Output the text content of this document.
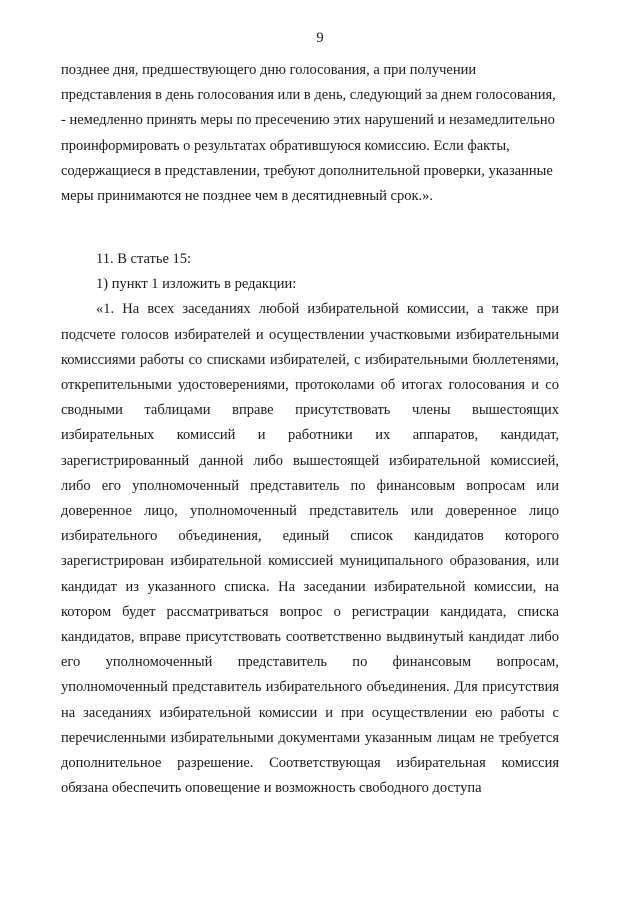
9

позднее дня, предшествующего дню голосования, а при получении представления в день голосования или в день, следующий за днем голосования, - немедленно принять меры по пресечению этих нарушений и незамедлительно проинформировать о результатах обратившуюся комиссию. Если факты, содержащиеся в представлении, требуют дополнительной проверки, указанные меры принимаются не позднее чем в десятидневный срок.».

11. В статье 15:

1) пункт 1 изложить в редакции:

«1. На всех заседаниях любой избирательной комиссии, а также при подсчете голосов избирателей и осуществлении участковыми избирательными комиссиями работы со списками избирателей, с избирательными бюллетенями, открепительными удостоверениями, протоколами об итогах голосования и со сводными таблицами вправе присутствовать члены вышестоящих избирательных комиссий и работники их аппаратов, кандидат, зарегистрированный данной либо вышестоящей избирательной комиссией, либо его уполномоченный представитель по финансовым вопросам или доверенное лицо, уполномоченный представитель или доверенное лицо избирательного объединения, единый список кандидатов которого зарегистрирован избирательной комиссией муниципального образования, или кандидат из указанного списка. На заседании избирательной комиссии, на котором будет рассматриваться вопрос о регистрации кандидата, списка кандидатов, вправе присутствовать соответственно выдвинутый кандидат либо его уполномоченный представитель по финансовым вопросам, уполномоченный представитель избирательного объединения. Для присутствия на заседаниях избирательной комиссии и при осуществлении ею работы с перечисленными избирательными документами указанным лицам не требуется дополнительное разрешение. Соответствующая избирательная комиссия обязана обеспечить оповещение и возможность свободного доступа
